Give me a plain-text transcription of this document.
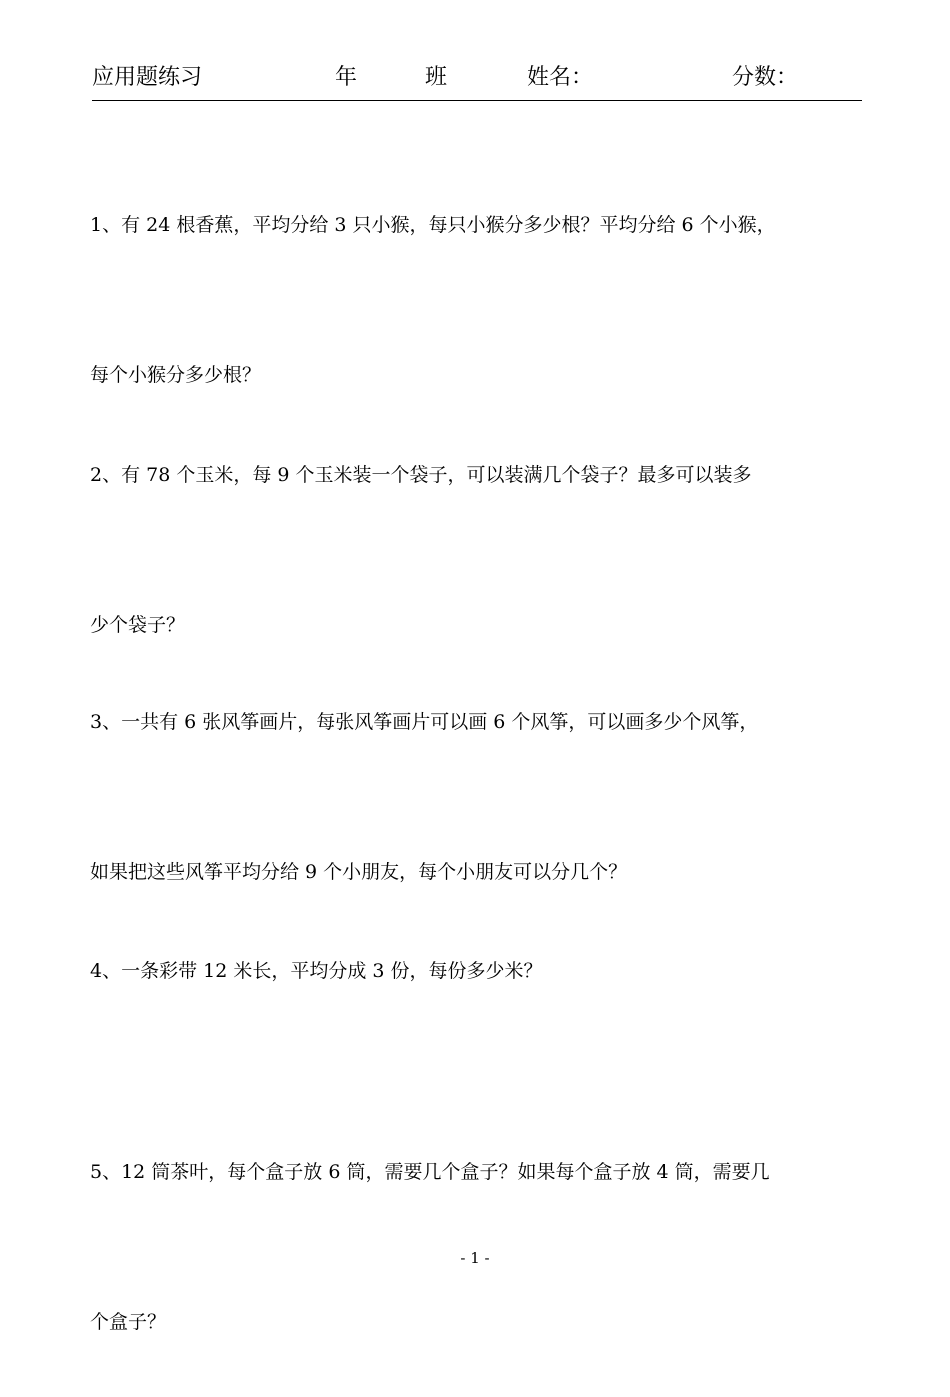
应用题练习	年	班	姓名：	分数：

1、有 24 根香蕉，平均分给 3 只小猴，每只小猴分多少根？平均分给 6 个小猴，

每个小猴分多少根？

2、有 78 个玉米，每 9 个玉米装一个袋子，可以装满几个袋子？最多可以装多

少个袋子？

3、一共有 6 张风筝画片，每张风筝画片可以画 6 个风筝，可以画多少个风筝，

如果把这些风筝平均分给 9 个小朋友，每个小朋友可以分几个？

4、一条彩带 12 米长，平均分成 3 份，每份多少米？

5、12 筒茶叶，每个盒子放 6 筒，需要几个盒子？如果每个盒子放 4 筒，需要几

个盒子？

- 1 -
